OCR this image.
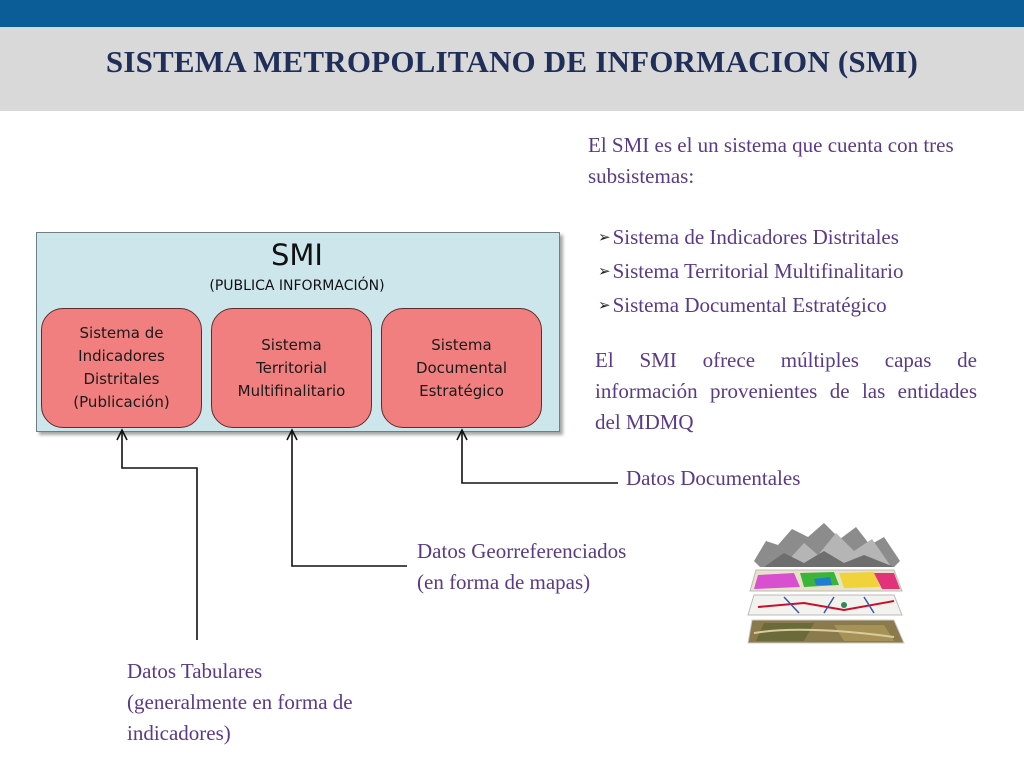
SISTEMA METROPOLITANO DE INFORMACION (SMI)
El SMI es el un sistema que cuenta con tres subsistemas:
➢Sistema de Indicadores Distritales
➢Sistema Territorial Multifinalitario
➢Sistema Documental Estratégico
El SMI ofrece múltiples capas de información provenientes de las entidades del MDMQ
SMI
(PUBLICA INFORMACIÓN)
Sistema de
Indicadores
Distritales
(Publicación)
Sistema
Territorial
Multifinalitario
Sistema
Documental
Estratégico
Datos Documentales
Datos Georreferenciados
(en forma de mapas)
Datos Tabulares
(generalmente en forma de
indicadores)
